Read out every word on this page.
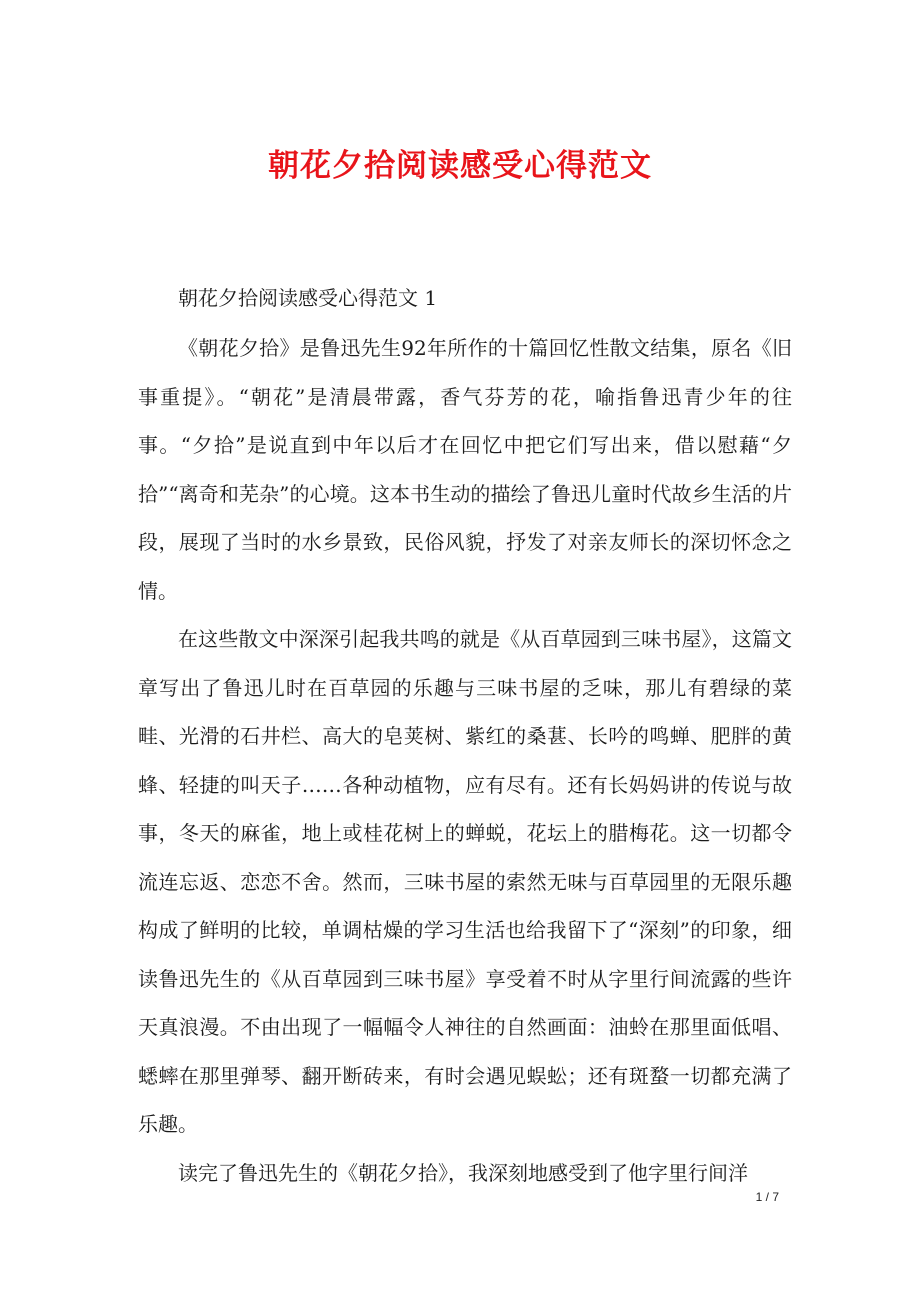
朝花夕拾阅读感受心得范文

朝花夕拾阅读感受心得范文 1

《朝花夕拾》是鲁迅先生92年所作的十篇回忆性散文结集，原名《旧事重提》。“朝花”是清晨带露，香气芬芳的花，喻指鲁迅青少年的往事。“夕拾”是说直到中年以后才在回忆中把它们写出来，借以慰藉“夕拾”“离奇和芜杂”的心境。这本书生动的描绘了鲁迅儿童时代故乡生活的片段，展现了当时的水乡景致，民俗风貌，抒发了对亲友师长的深切怀念之情。

在这些散文中深深引起我共鸣的就是《从百草园到三味书屋》，这篇文章写出了鲁迅儿时在百草园的乐趣与三味书屋的乏味，那儿有碧绿的菜畦、光滑的石井栏、高大的皂荚树、紫红的桑葚、长吟的鸣蝉、肥胖的黄蜂、轻捷的叫天子……各种动植物，应有尽有。还有长妈妈讲的传说与故事，冬天的麻雀，地上或桂花树上的蝉蜕，花坛上的腊梅花。这一切都令流连忘返、恋恋不舍。然而，三味书屋的索然无味与百草园里的无限乐趣构成了鲜明的比较，单调枯燥的学习生活也给我留下了“深刻”的印象，细读鲁迅先生的《从百草园到三味书屋》享受着不时从字里行间流露的些许天真浪漫。不由出现了一幅幅令人神往的自然画面：油蛉在那里面低唱、蟋蟀在那里弹琴、翻开断砖来，有时会遇见蜈蚣；还有斑蝥一切都充满了乐趣。

读完了鲁迅先生的《朝花夕拾》，我深刻地感受到了他字里行间洋

1 / 7
